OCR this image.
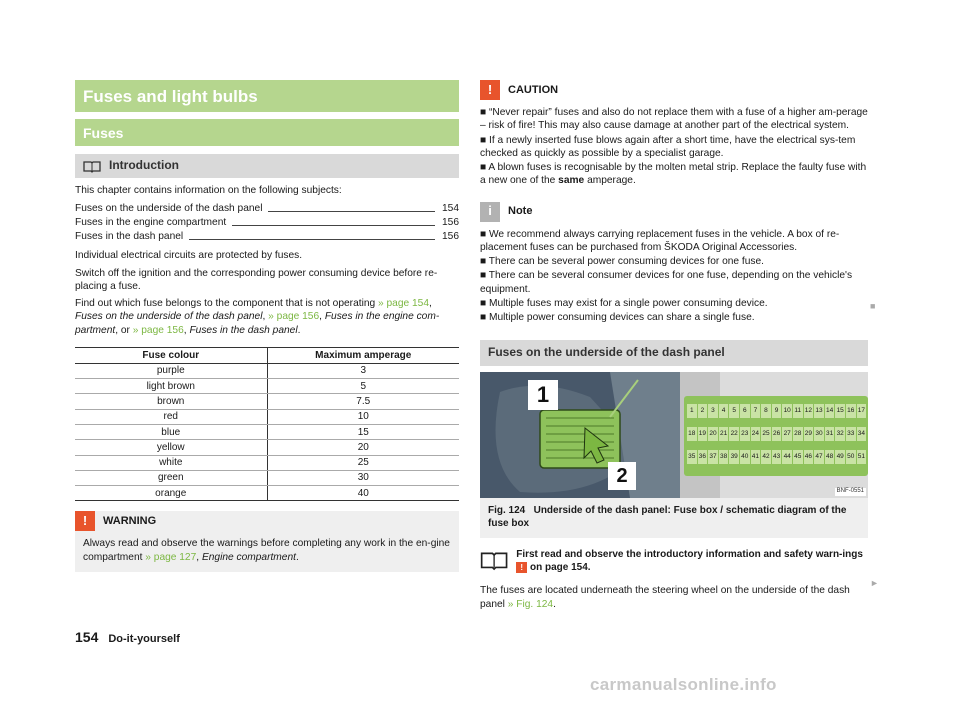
Fuses and light bulbs
Fuses
Introduction

This chapter contains information on the following subjects:

Fuses on the underside of the dash panel	154
Fuses in the engine compartment	156
Fuses in the dash panel	156

Individual electrical circuits are protected by fuses.

Switch off the ignition and the corresponding power consuming device before re-placing a fuse.

Find out which fuse belongs to the component that is not operating » page 154, Fuses on the underside of the dash panel, » page 156, Fuses in the engine com-partment, or » page 156, Fuses in the dash panel.

Fuse colour	Maximum amperage
purple	3
light brown	5
brown	7.5
red	10
blue	15
yellow	20
white	25
green	30
orange	40
!	WARNING

Always read and observe the warnings before completing any work in the en-gine compartment » page 127, Engine compartment.

!	CAUTION

■ “Never repair” fuses and also do not replace them with a fuse of a higher am-perage – risk of fire! This may also cause damage at another part of the electrical system.

■ If a newly inserted fuse blows again after a short time, have the electrical sys-tem checked as quickly as possible by a specialist garage.

■ A blown fuses is recognisable by the molten metal strip. Replace the faulty fuse with a new one of the same amperage.

i	Note

■ We recommend always carrying replacement fuses in the vehicle. A box of re-placement fuses can be purchased from ŠKODA Original Accessories.

■ There can be several power consuming devices for one fuse.

■ There can be several consumer devices for one fuse, depending on the vehicle's equipment.

■ Multiple fuses may exist for a single power consuming device.

■ Multiple power consuming devices can share a single fuse.

Fuses on the underside of the dash panel
1
2
1	2	3	4	5	6	7	8	9 10 11 12 13 14 15 16 17
18 19 20 21 22 23 24 25 26 27 28 29 30 31 32 33 34
35 36 37 38 39 40 41 42 43 44 45 46 47 48 49 50 51
BNF-0551
Fig. 124 Underside of the dash panel: Fuse box / schematic diagram of the fuse box
First read and observe the introductory information and safety warn-ings ! on page 154.

The fuses are located underneath the steering wheel on the underside of the dash panel » Fig. 124.

■
►
154 Do-it-yourself
carmanualsonline.info
